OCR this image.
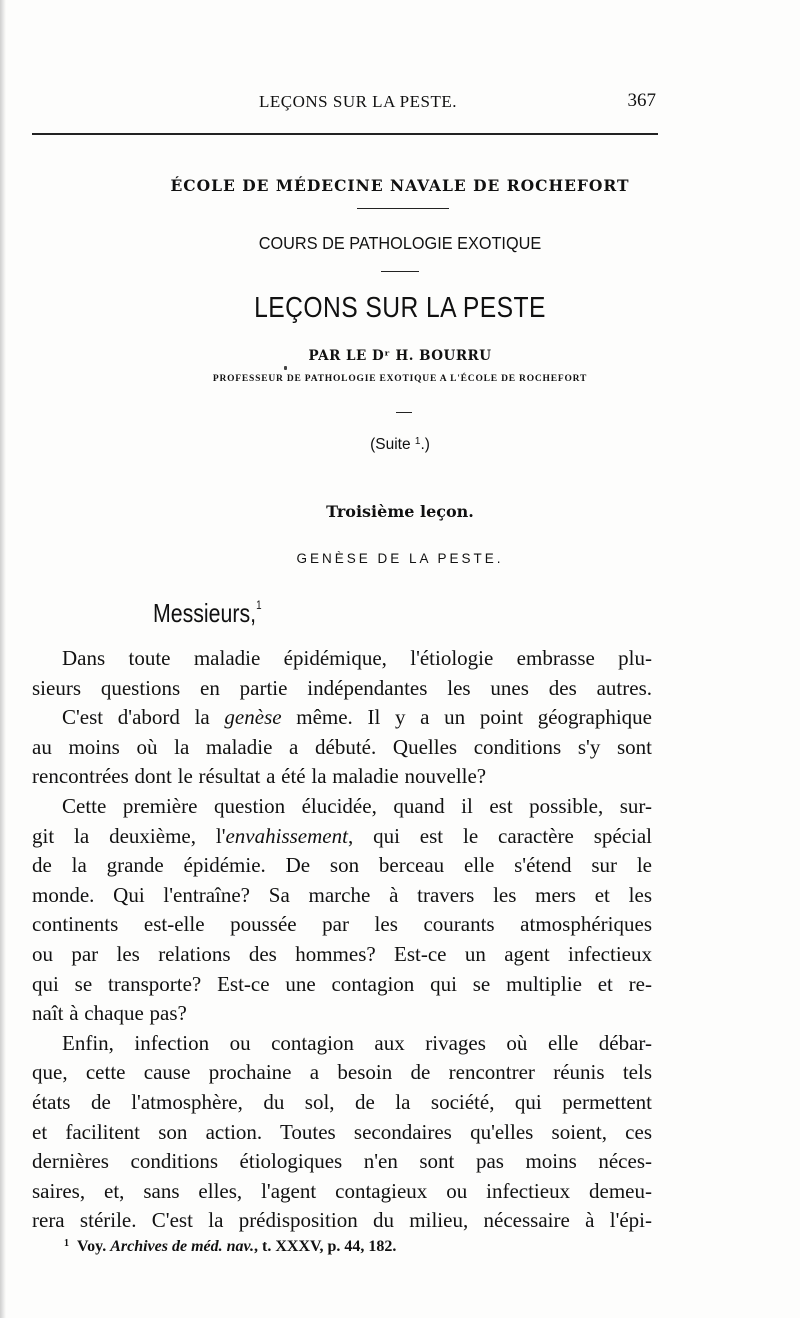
LEÇONS SUR LA PESTE.	367
ÉCOLE DE MÉDECINE NAVALE DE ROCHEFORT
COURS DE PATHOLOGIE EXOTIQUE
LEÇONS SUR LA PESTE
PAR LE Dʳ H. BOURRU
PROFESSEUR DE PATHOLOGIE EXOTIQUE A L'ÉCOLE DE ROCHEFORT
(Suite $^1$.)
Troisième leçon.
GENÈSE DE LA PESTE.
Messieurs,$^1$
Dans toute maladie épidémique, l'étiologie embrasse plu-
sieurs questions en partie indépendantes les unes des autres.
C'est d'abord la genèse même. Il y a un point géographique
au moins où la maladie a débuté. Quelles conditions s'y sont
rencontrées dont le résultat a été la maladie nouvelle?
Cette première question élucidée, quand il est possible, sur-
git la deuxième, l'envahissement, qui est le caractère spécial
de la grande épidémie. De son berceau elle s'étend sur le
monde. Qui l'entraîne? Sa marche à travers les mers et les
continents est-elle poussée par les courants atmosphériques
ou par les relations des hommes? Est-ce un agent infectieux
qui se transporte? Est-ce une contagion qui se multiplie et re-
naît à chaque pas?
Enfin, infection ou contagion aux rivages où elle débar-
que, cette cause prochaine a besoin de rencontrer réunis tels
états de l'atmosphère, du sol, de la société, qui permettent
et facilitent son action. Toutes secondaires qu'elles soient, ces
dernières conditions étiologiques n'en sont pas moins néces-
saires, et, sans elles, l'agent contagieux ou infectieux demeu-
rera stérile. C'est la prédisposition du milieu, nécessaire à l'épi-
$^1$ Voy. Archives de méd. nav., t. XXXV, p. 44, 182.
